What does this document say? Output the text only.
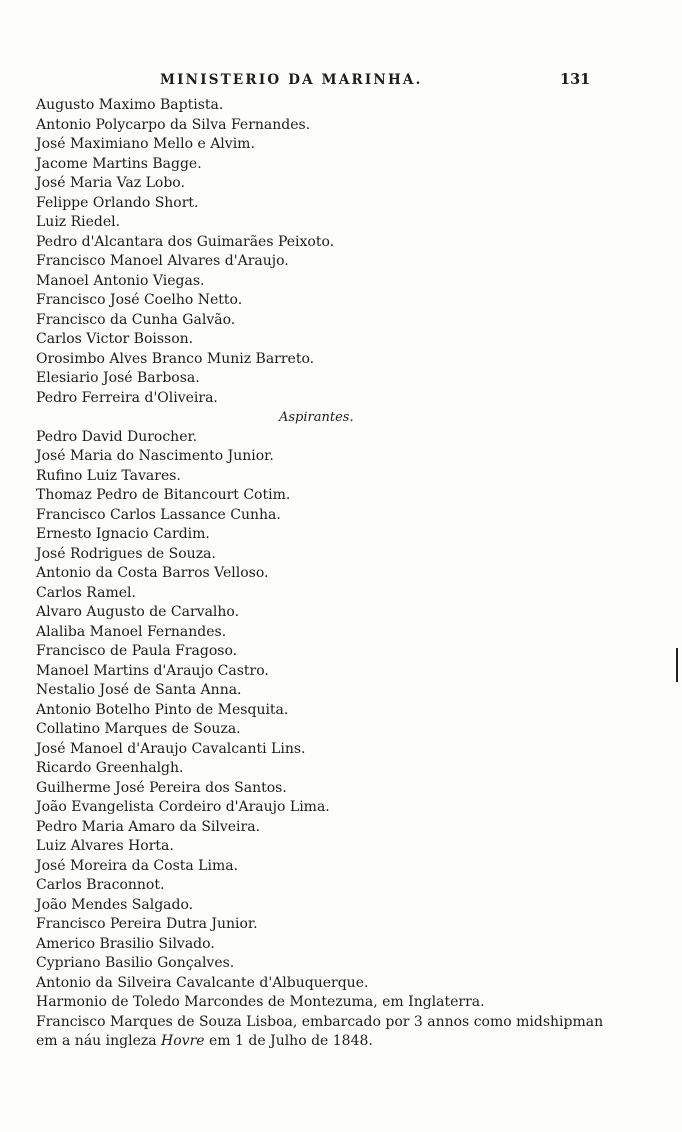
MINISTERIO DA MARINHA.	131
Augusto Maximo Baptista.
Antonio Polycarpo da Silva Fernandes.
José Maximiano Mello e Alvim.
Jacome Martins Bagge.
José Maria Vaz Lobo.
Felippe Orlando Short.
Luiz Riedel.
Pedro d'Alcantara dos Guimarães Peixoto.
Francisco Manoel Alvares d'Araujo.
Manoel Antonio Viegas.
Francisco José Coelho Netto.
Francisco da Cunha Galvão.
Carlos Victor Boisson.
Orosimbo Alves Branco Muniz Barreto.
Elesiario José Barbosa.
Pedro Ferreira d'Oliveira.
Aspirantes.
Pedro David Durocher.
José Maria do Nascimento Junior.
Rufino Luiz Tavares.
Thomaz Pedro de Bitancourt Cotim.
Francisco Carlos Lassance Cunha.
Ernesto Ignacio Cardim.
José Rodrigues de Souza.
Antonio da Costa Barros Velloso.
Carlos Ramel.
Alvaro Augusto de Carvalho.
Alaliba Manoel Fernandes.
Francisco de Paula Fragoso.
Manoel Martins d'Araujo Castro.
Nestalio José de Santa Anna.
Antonio Botelho Pinto de Mesquita.
Collatino Marques de Souza.
José Manoel d'Araujo Cavalcanti Lins.
Ricardo Greenhalgh.
Guilherme José Pereira dos Santos.
João Evangelista Cordeiro d'Araujo Lima.
Pedro Maria Amaro da Silveira.
Luiz Alvares Horta.
José Moreira da Costa Lima.
Carlos Braconnot.
João Mendes Salgado.
Francisco Pereira Dutra Junior.
Americo Brasilio Silvado.
Cypriano Basilio Gonçalves.
Antonio da Silveira Cavalcante d'Albuquerque.
Harmonio de Toledo Marcondes de Montezuma, em Inglaterra.
Francisco Marques de Souza Lisboa, embarcado por 3 annos como midshipman em a náu ingleza Hovre em 1 de Julho de 1848.
